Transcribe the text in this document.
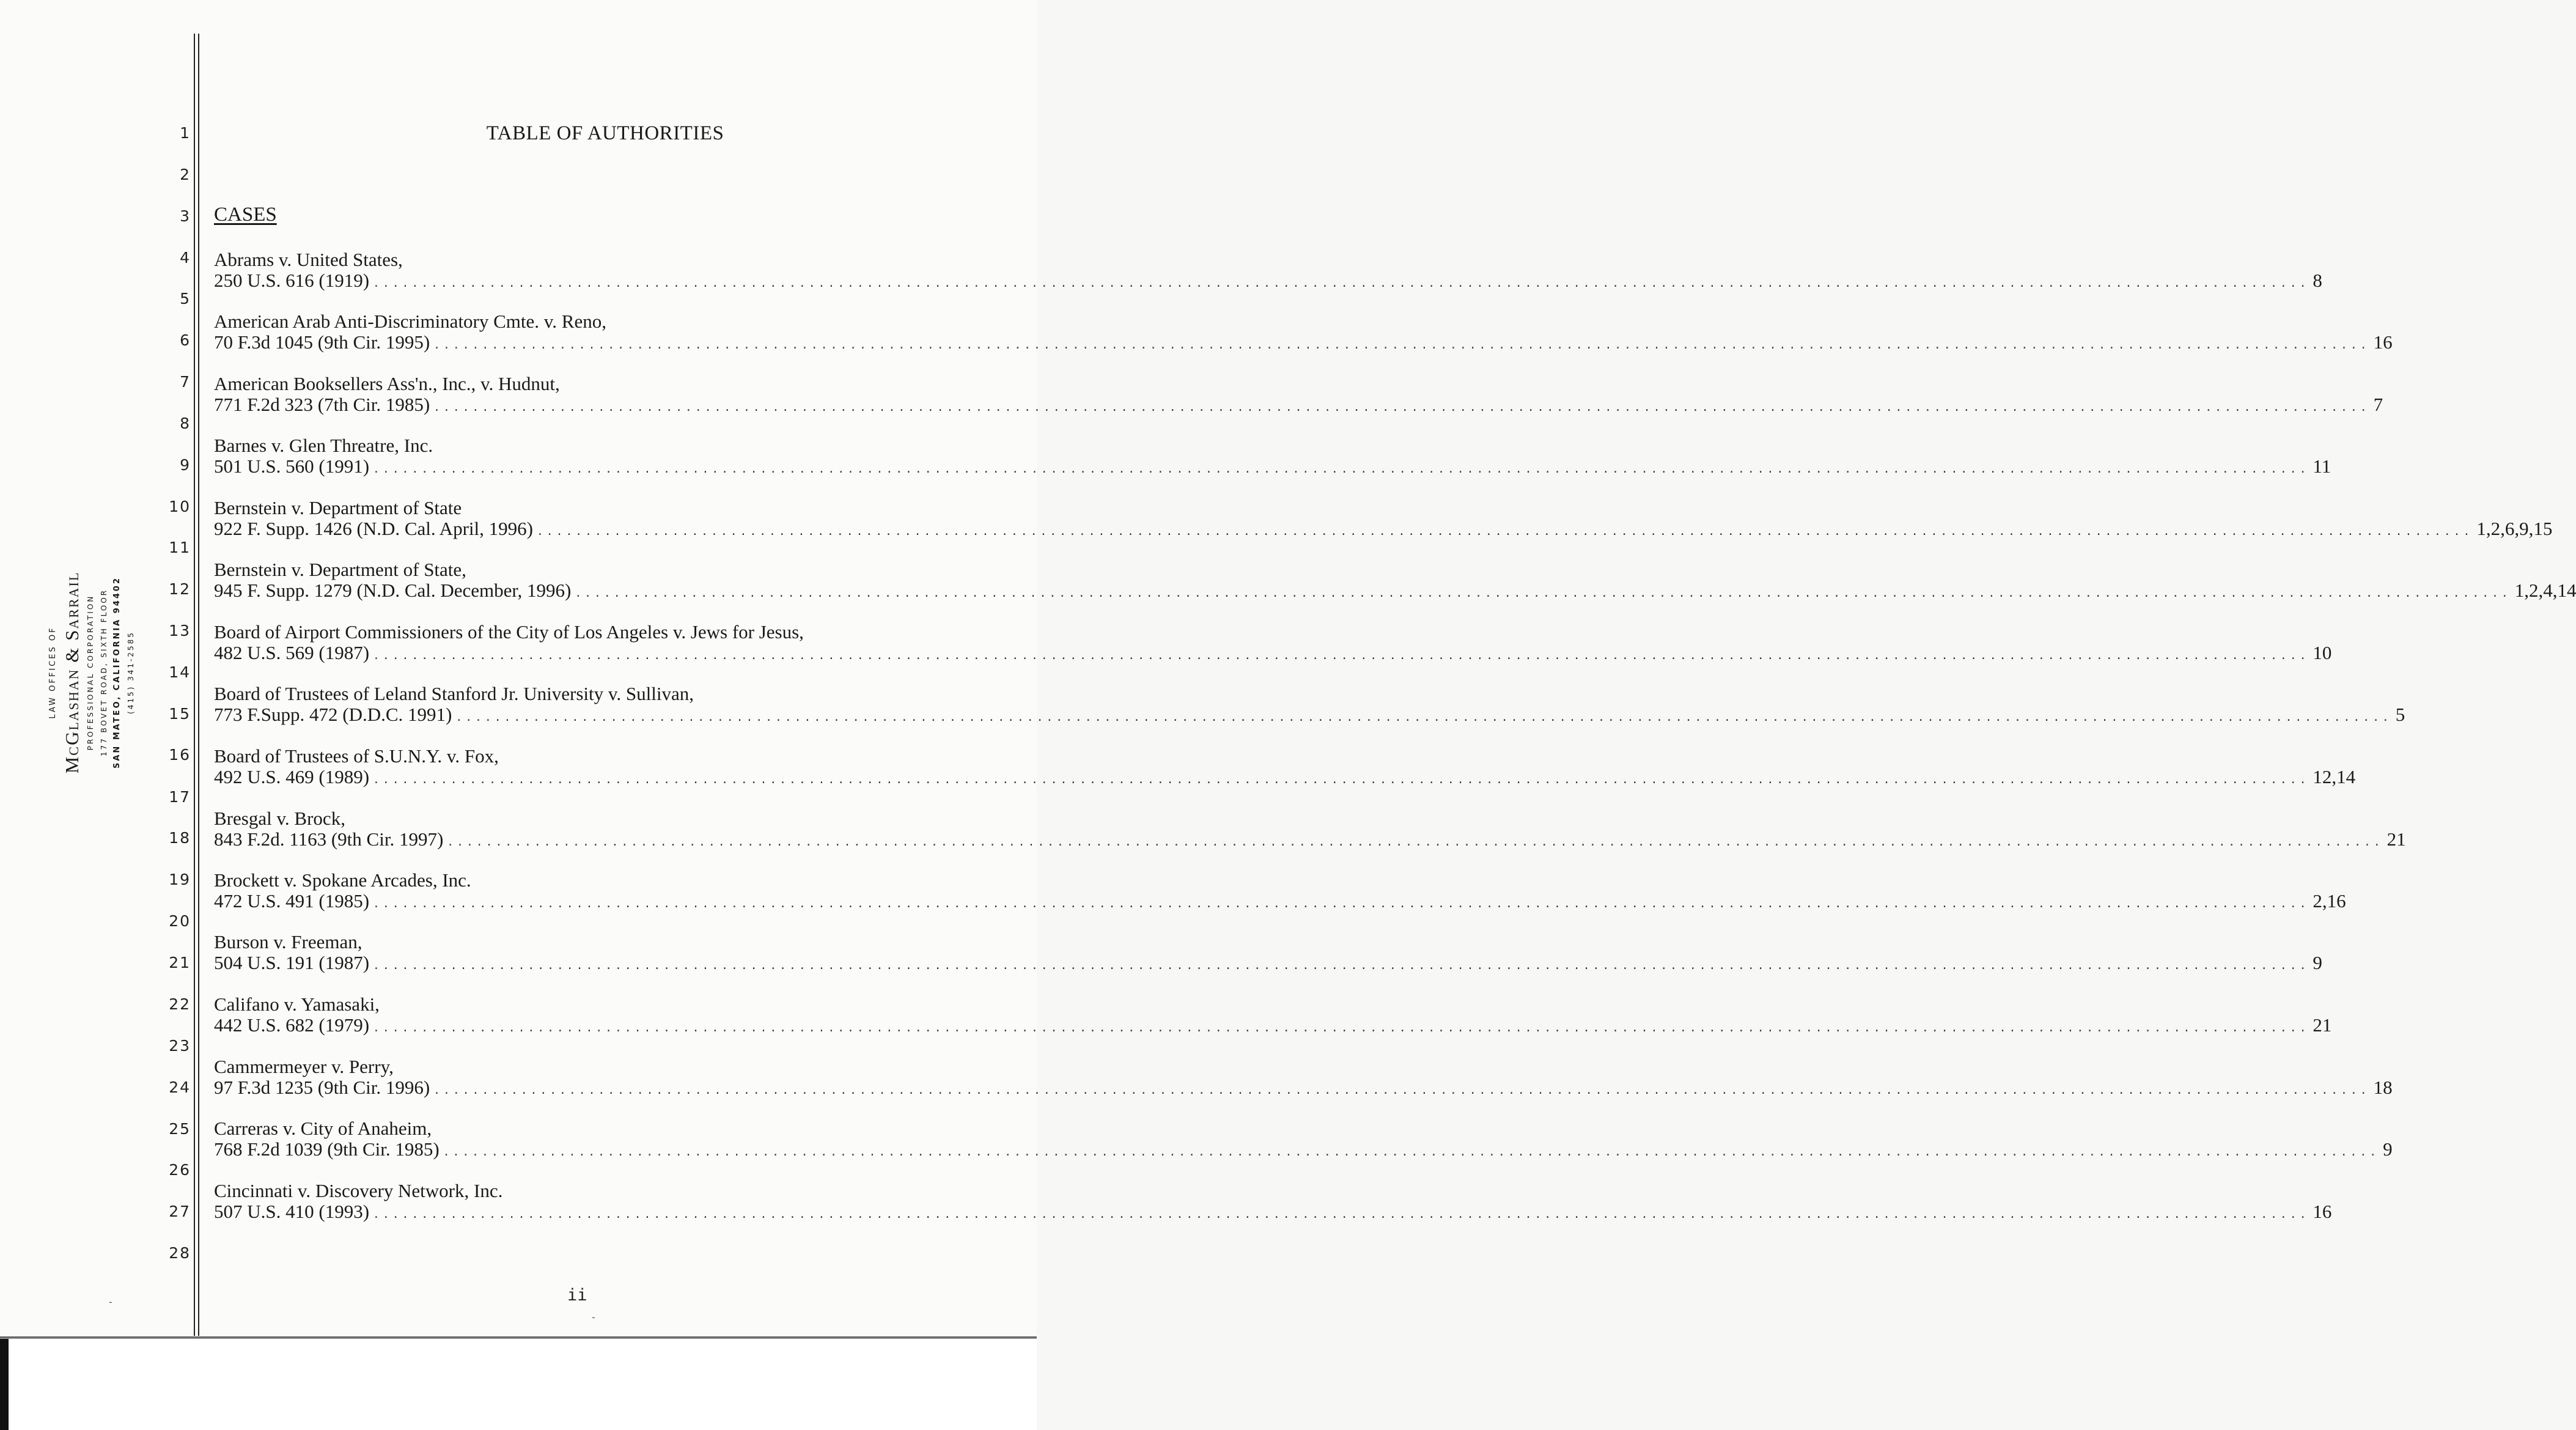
1
2
3
4
5
6
7
8
9
10
11
12
13
14
15
16
17
18
19
20
21
22
23
24
25
26
27
28
LAW OFFICES OF McGlashan & Sarrail PROFESSIONAL CORPORATION 177 BOVET ROAD, SIXTH FLOOR SAN MATEO, CALIFORNIA 94402 (415) 341-2585
TABLE OF AUTHORITIES
CASES
Abrams v. United States,
250 U.S. 616 (1919) ........................................................................................................................................................................................................ 8
American Arab Anti-Discriminatory Cmte. v. Reno,
70 F.3d 1045 (9th Cir. 1995) ........................................................................................................................................................................................................ 16
American Booksellers Ass'n., Inc., v. Hudnut,
771 F.2d 323 (7th Cir. 1985) ........................................................................................................................................................................................................ 7
Barnes v. Glen Threatre, Inc.
501 U.S. 560 (1991) ........................................................................................................................................................................................................ 11
Bernstein v. Department of State
922 F. Supp. 1426 (N.D. Cal. April, 1996) ........................................................................................................................................................................................................ 1,2,6,9,15
Bernstein v. Department of State,
945 F. Supp. 1279 (N.D. Cal. December, 1996) ........................................................................................................................................................................................................ 1,2,4,14
Board of Airport Commissioners of the City of Los Angeles v. Jews for Jesus,
482 U.S. 569 (1987) ........................................................................................................................................................................................................ 10
Board of Trustees of Leland Stanford Jr. University v. Sullivan,
773 F.Supp. 472 (D.D.C. 1991) ........................................................................................................................................................................................................ 5
Board of Trustees of S.U.N.Y. v. Fox,
492 U.S. 469 (1989) ........................................................................................................................................................................................................ 12,14
Bresgal v. Brock,
843 F.2d. 1163 (9th Cir. 1997) ........................................................................................................................................................................................................ 21
Brockett v. Spokane Arcades, Inc.
472 U.S. 491 (1985) ........................................................................................................................................................................................................ 2,16
Burson v. Freeman,
504 U.S. 191 (1987) ........................................................................................................................................................................................................ 9
Califano v. Yamasaki,
442 U.S. 682 (1979) ........................................................................................................................................................................................................ 21
Cammermeyer v. Perry,
97 F.3d 1235 (9th Cir. 1996) ........................................................................................................................................................................................................ 18
Carreras v. City of Anaheim,
768 F.2d 1039 (9th Cir. 1985) ........................................................................................................................................................................................................ 9
Cincinnati v. Discovery Network, Inc.
507 U.S. 410 (1993) ........................................................................................................................................................................................................ 16
ii
-
-
